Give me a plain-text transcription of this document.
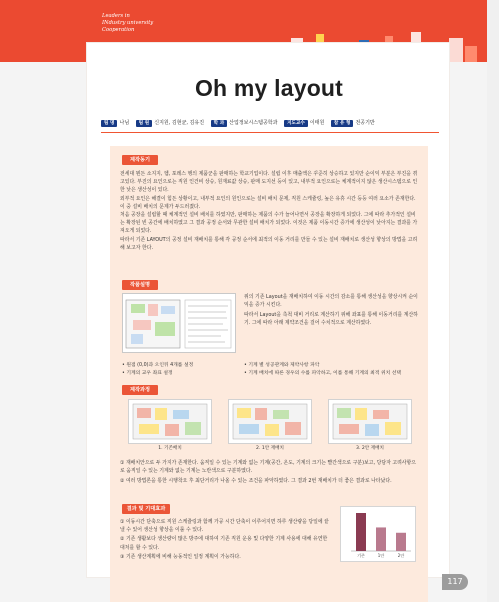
Leaders in
INdustry university
Cooperation
Oh my layout
팀 명 나님 팀 원 신지원, 김현균, 김유진 학 과 산업정보시스템공학과 지도교수 이태원 참 유 형 전공기반
제작동기

전세대 뭔든 소지지, 헴, 포레스 행의 제품군을 판매하는 학교기업이다. 설립 이후 매출액은 꾸준히 상승하고 있지만 순이익 부분은 부진을 겪고있다. 부진의 요인으로는 직원 인건비 상승, 원재료값 상승, 판매 도지선 등이 있고, 내부적 요인으로는 체계적이지 않은 생산시스템으로 인한 낮은 생산성이 있다.

외부적 요인은 해결이 힘든 상황이고, 내부적 요인의 원인으로는 설비 배치 문제, 직원 스케쥴링, 높은 유휴 시간 등등 여러 요소가 존재한다. 이 중 설비 배치의 문제가 두드러졌다.

처음 공장을 설립할 때 체계적인 설비 배치를 하였지만, 판매하는 제품의 수가 늘어나면서 공장을 확장하게 되었다. 그에 따라 추가적인 설비는 확장된 빈 공간에 배치하였고 그 결과 공정 순서와 무관한 설비 배치가 되었다. 이것은 제품 이동시간 증가에 생산성이 낮아지는 결과를 가져오게 되었다.

따라서 기존 LAYOUT의 공정 설비 재배치를 통해 각 공정 순서에 최적의 이동 거리를 만들 수 있는 설비 재배치로 생산성 향상의 방법을 고려해 보고자 한다.

작품설명
위의 기존 Layout을 재배치하여 이동 시간의 감소를 통해 생산성을 향상시켜 순이익을 증가 시킨다.
따라서 Layout을 측척 대비 거리로 계산하기 위해 좌표를 통해 이동거리를 계산하기. 그에 따라 아래 제약조건을 걸어 수치적으로 계산하였다.
• 원점 (0,0)과 오인뒤 4개를 설정
• 기계의 교우 좌표 설정
• 기계 별 성공관계와 제약사항 파악
• 기계 배치에 따른 경우의 수를 파악하고, 이를 통해 기계의 최적 위치 선택
제작과정
1. 기존배치	2. 1안 재배치	3. 2안 재배치

① 재배치안으로 두 가지가 존재한다. 움직일 수 있는 기계와 없는 기계(공간, 온도, 기계의 크기는 빨간색으로 구분)보고, 당담자 고려사항으로 움직일 수 있는 기계와 없는 기계는 노란색으로 구분하였다.

② 여러 방법론을 통한 시행착오 후 최단거리가 나올 수 있는 조건을 파악하였다. 그 결과 2번 재배치가 더 좋은 결과로 나타났다.

결과 및 기대효과

① 이동시간 단축으로 직원 스케쥴링과 함께 가공 시간 단축이 이루어지면 하루 생산량을 당일에 끝낼 수 있어 생산성 향상을 이룰 수 있다.

② 기존 생활보다 생산량이 많은 방주에 대하여 기존 직원 운용 및 다양한 기계 사용에 대해 유연한 대처를 할 수 있다.

③ 기존 생산계획에 비해 능동적인 일정 계획이 가능하다.	기존	1안	2안
117
